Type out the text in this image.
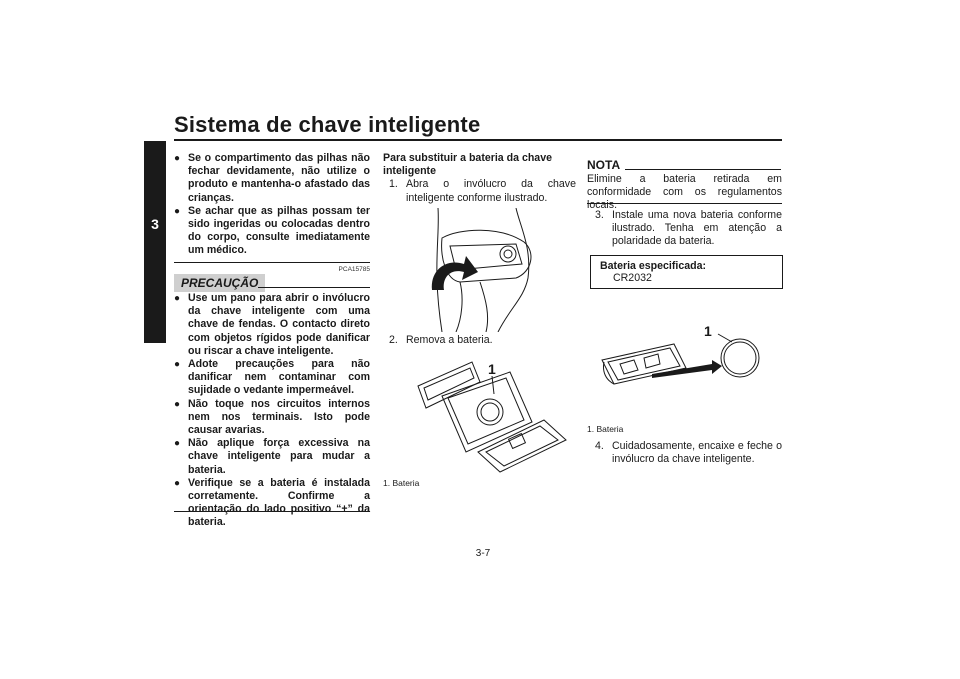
Sistema de chave inteligente
3
● Se o compartimento das pilhas não fechar devidamente, não utilize o produto e mantenha-o afastado das crianças.
● Se achar que as pilhas possam ter sido ingeridas ou colocadas dentro do corpo, consulte imediatamente um médico.
PCA15785
PRECAUÇÃO
● Use um pano para abrir o invólucro da chave inteligente com uma chave de fendas. O contacto direto com objetos rígidos pode danificar ou riscar a chave inteligente.
● Adote precauções para não danificar nem contaminar com sujidade o vedante impermeável.
● Não toque nos circuitos internos nem nos terminais. Isto pode causar avarias.
● Não aplique força excessiva na chave inteligente para mudar a bateria.
● Verifique se a bateria é instalada corretamente. Confirme a orientação do lado positivo “+” da bateria.
Para substituir a bateria da chave inteligente
1. Abra o invólucro da chave inteligente conforme ilustrado.
2. Remova a bateria.
1
1. Bateria
NOTA
Elimine a bateria retirada em conformidade com os regulamentos locais.
3. Instale uma nova bateria conforme ilustrado. Tenha em atenção a polaridade da bateria.
Bateria especificada:
CR2032
1
1. Bateria
4. Cuidadosamente, encaixe e feche o invólucro da chave inteligente.
3-7
